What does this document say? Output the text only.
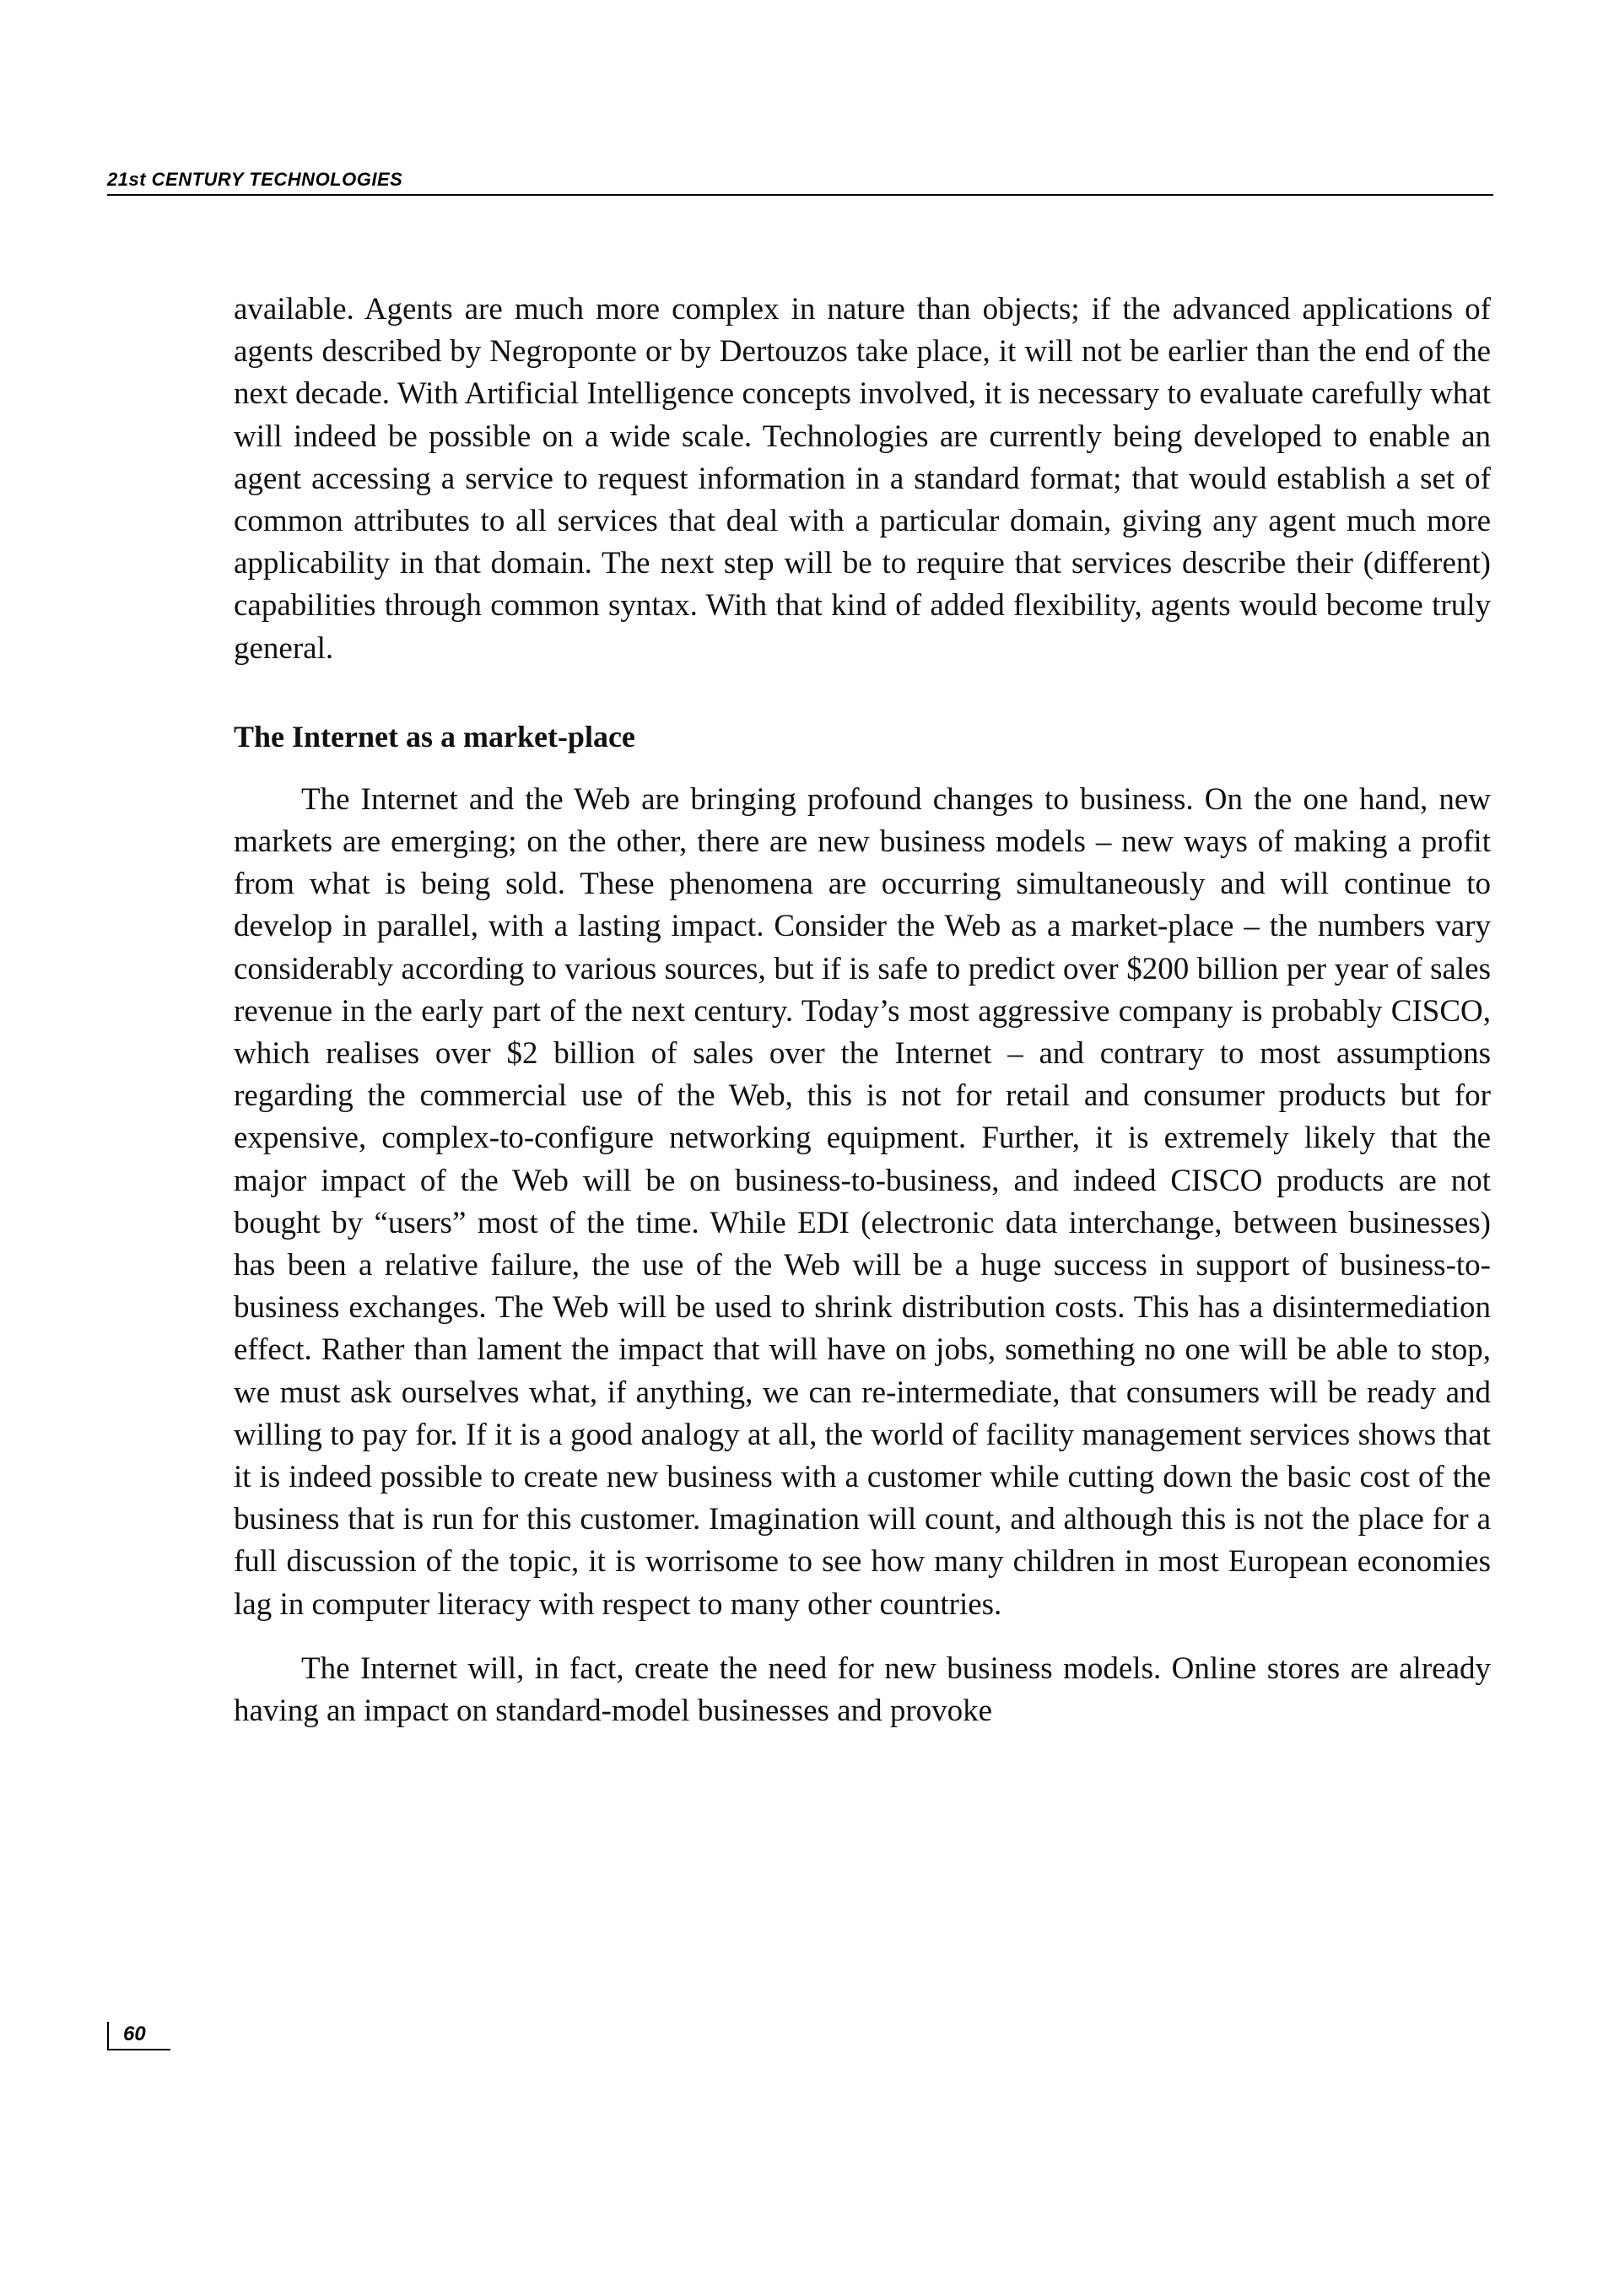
21st CENTURY TECHNOLOGIES

available. Agents are much more complex in nature than objects; if the advanced applications of agents described by Negroponte or by Dertouzos take place, it will not be earlier than the end of the next decade. With Artificial Intelligence concepts involved, it is necessary to evaluate carefully what will indeed be possible on a wide scale. Technologies are currently being developed to enable an agent accessing a service to request information in a standard format; that would establish a set of common attributes to all services that deal with a particular domain, giving any agent much more applicability in that domain. The next step will be to require that services describe their (different) capabilities through common syntax. With that kind of added flexibility, agents would become truly general.

The Internet as a market-place

The Internet and the Web are bringing profound changes to business. On the one hand, new markets are emerging; on the other, there are new business models – new ways of making a profit from what is being sold. These phenomena are occurring simultaneously and will continue to develop in parallel, with a lasting impact. Consider the Web as a market-place – the numbers vary considerably according to various sources, but if is safe to predict over $200 billion per year of sales revenue in the early part of the next century. Today’s most aggressive company is probably CISCO, which realises over $2 billion of sales over the Internet – and contrary to most assumptions regarding the commercial use of the Web, this is not for retail and consumer products but for expensive, complex-to-configure networking equipment. Further, it is extremely likely that the major impact of the Web will be on business-to-business, and indeed CISCO products are not bought by “users” most of the time. While EDI (electronic data interchange, between businesses) has been a relative failure, the use of the Web will be a huge success in support of business-to-business exchanges. The Web will be used to shrink distribution costs. This has a disintermediation effect. Rather than lament the impact that will have on jobs, something no one will be able to stop, we must ask ourselves what, if anything, we can re-intermediate, that consumers will be ready and willing to pay for. If it is a good analogy at all, the world of facility management services shows that it is indeed possible to create new business with a customer while cutting down the basic cost of the business that is run for this customer. Imagination will count, and although this is not the place for a full discussion of the topic, it is worrisome to see how many children in most European economies lag in computer literacy with respect to many other countries.

The Internet will, in fact, create the need for new business models. Online stores are already having an impact on standard-model businesses and provoke

60
